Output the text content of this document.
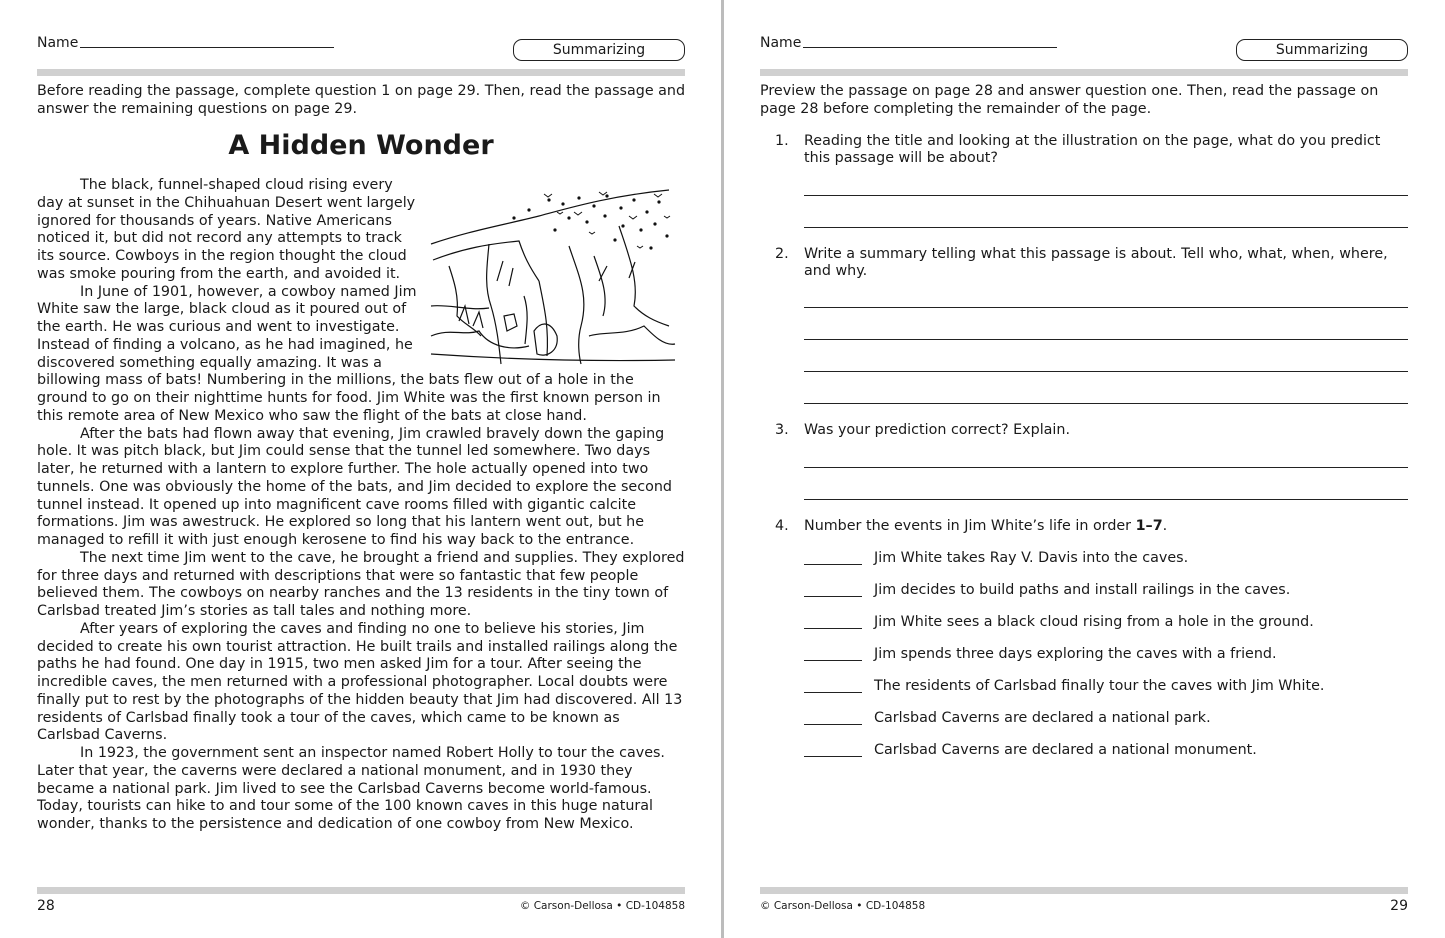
Name	Summarizing
Before reading the passage, complete question 1 on page 29. Then, read the passage and answer the remaining questions on page 29.
A Hidden Wonder

The black, funnel-shaped cloud rising every day at sunset in the Chihuahuan Desert went largely ignored for thousands of years. Native Americans noticed it, but did not record any attempts to track its source. Cowboys in the region thought the cloud was smoke pouring from the earth, and avoided it.

In June of 1901, however, a cowboy named Jim White saw the large, black cloud as it poured out of the earth. He was curious and went to investigate. Instead of finding a volcano, as he had imagined, he discovered something equally amazing. It was a billowing mass of bats! Numbering in the millions, the bats flew out of a hole in the ground to go on their nighttime hunts for food. Jim White was the first known person in this remote area of New Mexico who saw the flight of the bats at close hand.

After the bats had flown away that evening, Jim crawled bravely down the gaping hole. It was pitch black, but Jim could sense that the tunnel led somewhere. Two days later, he returned with a lantern to explore further. The hole actually opened into two tunnels. One was obviously the home of the bats, and Jim decided to explore the second tunnel instead. It opened up into magnificent cave rooms filled with gigantic calcite formations. Jim was awestruck. He explored so long that his lantern went out, but he managed to refill it with just enough kerosene to find his way back to the entrance.

The next time Jim went to the cave, he brought a friend and supplies. They explored for three days and returned with descriptions that were so fantastic that few people believed them. The cowboys on nearby ranches and the 13 residents in the tiny town of Carlsbad treated Jim’s stories as tall tales and nothing more.

After years of exploring the caves and finding no one to believe his stories, Jim decided to create his own tourist attraction. He built trails and installed railings along the paths he had found. One day in 1915, two men asked Jim for a tour. After seeing the incredible caves, the men returned with a professional photographer. Local doubts were finally put to rest by the photographs of the hidden beauty that Jim had discovered. All 13 residents of Carlsbad finally took a tour of the caves, which came to be known as Carlsbad Caverns.

In 1923, the government sent an inspector named Robert Holly to tour the caves. Later that year, the caverns were declared a national monument, and in 1930 they became a national park. Jim lived to see the Carlsbad Caverns become world-famous. Today, tourists can hike to and tour some of the 100 known caves in this huge natural wonder, thanks to the persistence and dedication of one cowboy from New Mexico.

28	© Carson-Dellosa • CD-104858
Name	Summarizing
Preview the passage on page 28 and answer question one. Then, read the passage on page 28 before completing the remainder of the page.
1.	Reading the title and looking at the illustration on the page, what do you predict this passage will be about?
2.	Write a summary telling what this passage is about. Tell who, what, when, where, and why.
3.	Was your prediction correct? Explain.
4.	Number the events in Jim White’s life in order 1–7.
Jim White takes Ray V. Davis into the caves.
Jim decides to build paths and install railings in the caves.
Jim White sees a black cloud rising from a hole in the ground.
Jim spends three days exploring the caves with a friend.
The residents of Carlsbad finally tour the caves with Jim White.
Carlsbad Caverns are declared a national park.
Carlsbad Caverns are declared a national monument.
© Carson-Dellosa • CD-104858	29
